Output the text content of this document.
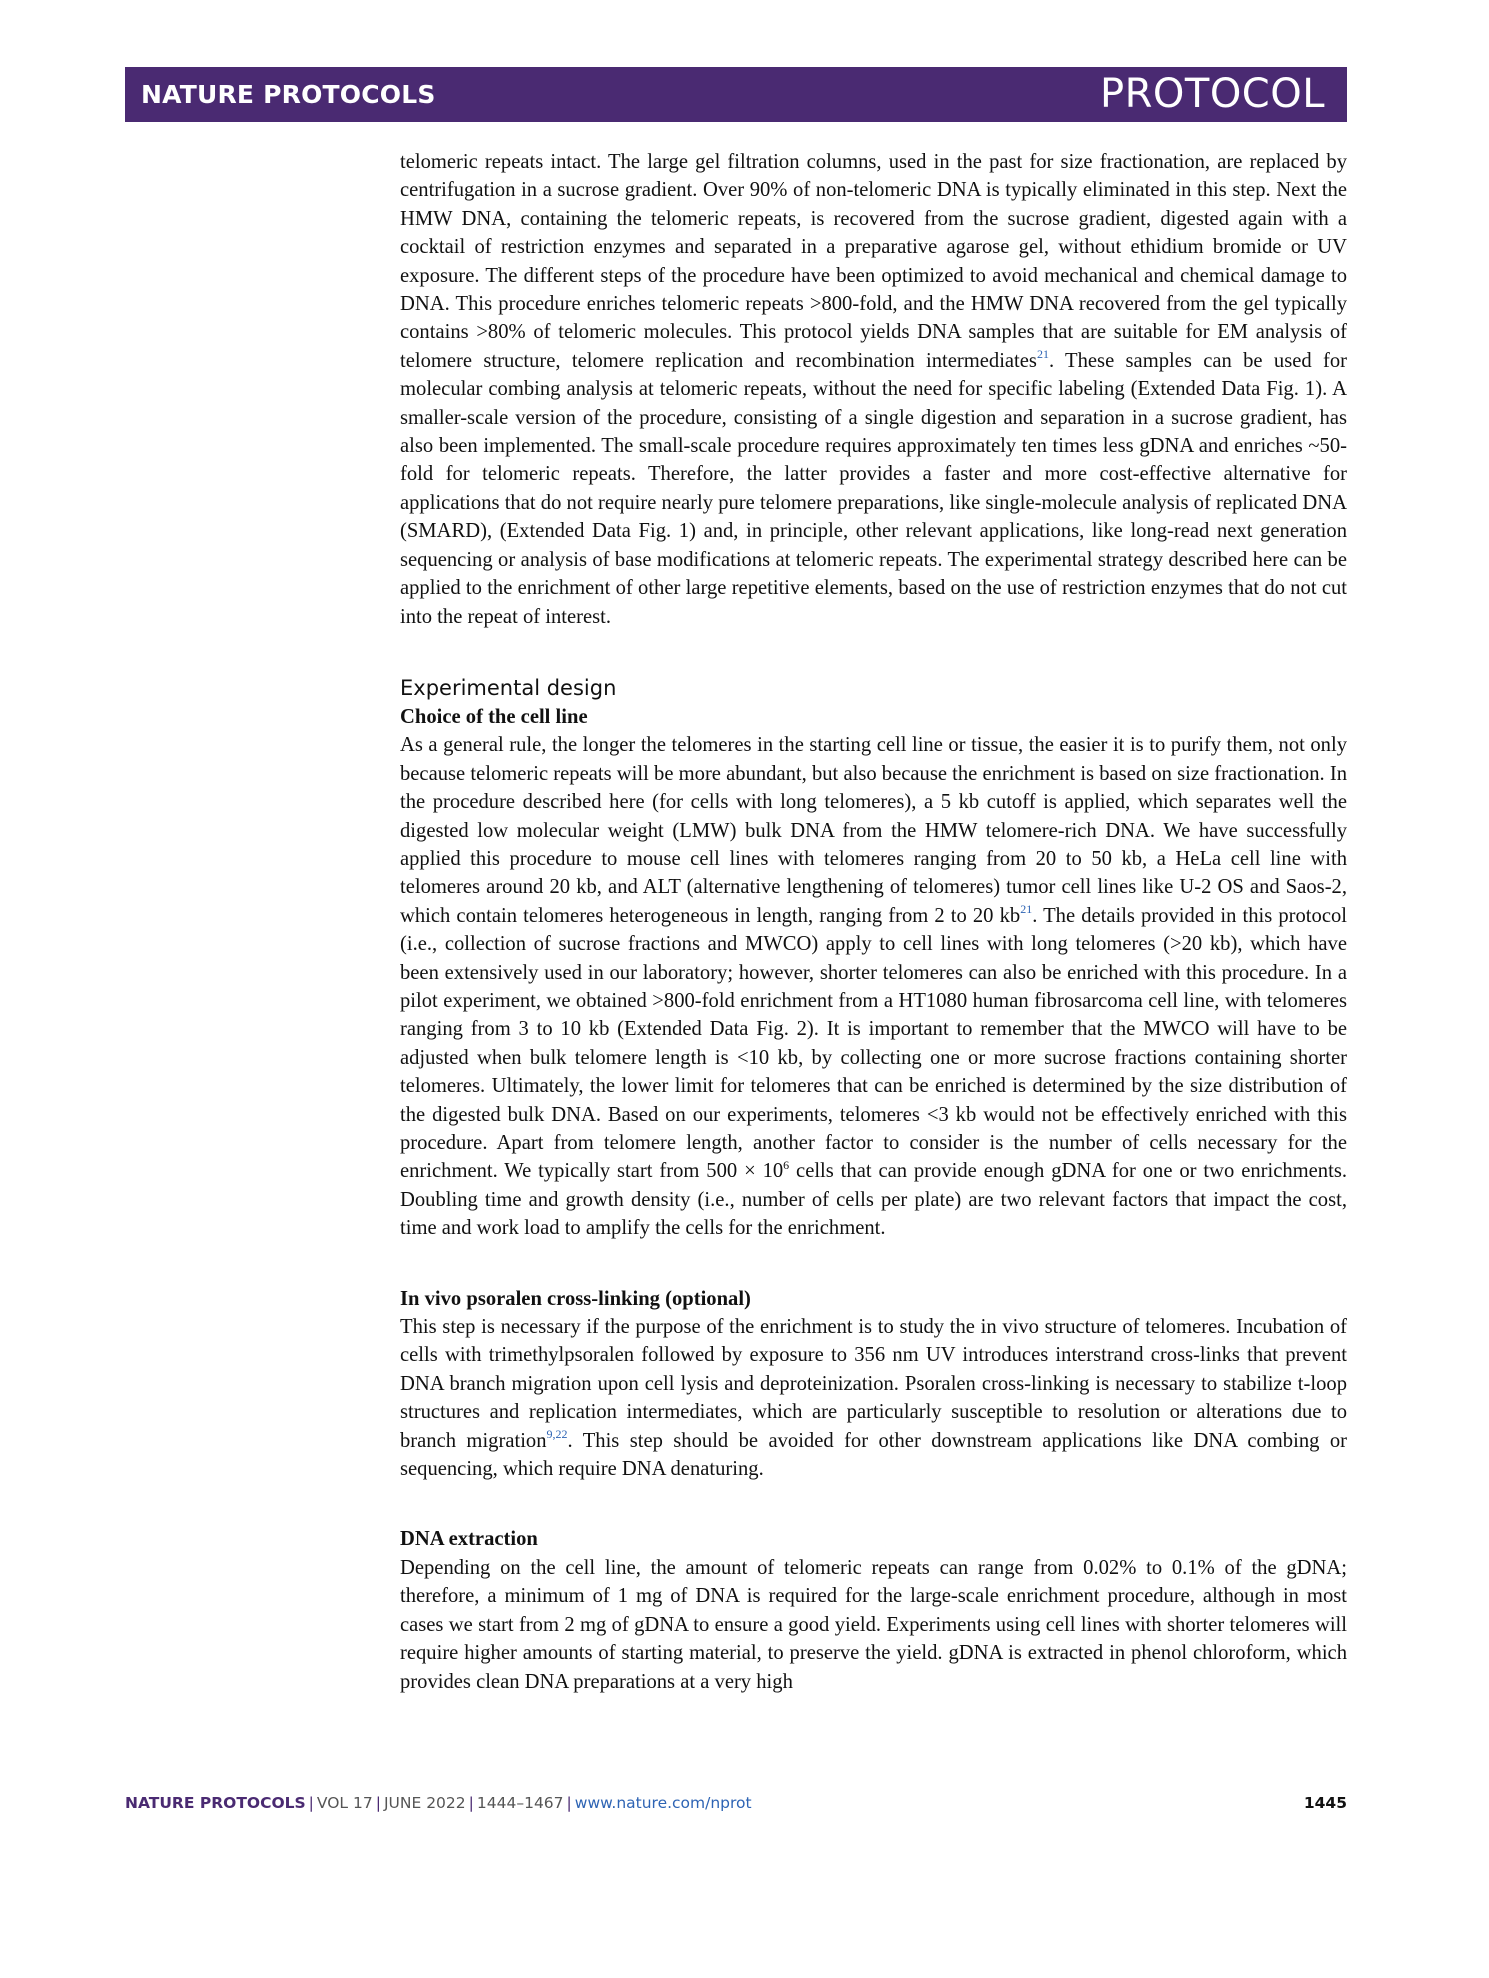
NATURE PROTOCOLS	PROTOCOL

telomeric repeats intact. The large gel filtration columns, used in the past for size fractionation, are replaced by centrifugation in a sucrose gradient. Over 90% of non-telomeric DNA is typically eliminated in this step. Next the HMW DNA, containing the telomeric repeats, is recovered from the sucrose gradient, digested again with a cocktail of restriction enzymes and separated in a preparative agarose gel, without ethidium bromide or UV exposure. The different steps of the procedure have been optimized to avoid mechanical and chemical damage to DNA. This procedure enriches telomeric repeats >800-fold, and the HMW DNA recovered from the gel typically contains >80% of telomeric molecules. This protocol yields DNA samples that are suitable for EM analysis of telomere structure, telomere replication and recombination intermediates$^{21}$. These samples can be used for molecular combing analysis at telomeric repeats, without the need for specific labeling (Extended Data Fig. 1). A smaller-scale version of the procedure, consisting of a single digestion and separation in a sucrose gradient, has also been implemented. The small-scale procedure requires approximately ten times less gDNA and enriches ~50-fold for telomeric repeats. Therefore, the latter provides a faster and more cost-effective alternative for applications that do not require nearly pure telomere preparations, like single-molecule analysis of replicated DNA (SMARD), (Extended Data Fig. 1) and, in principle, other relevant applications, like long-read next generation sequencing or analysis of base modifications at telomeric repeats. The experimental strategy described here can be applied to the enrichment of other large repetitive elements, based on the use of restriction enzymes that do not cut into the repeat of interest.

Experimental design
Choice of the cell line

As a general rule, the longer the telomeres in the starting cell line or tissue, the easier it is to purify them, not only because telomeric repeats will be more abundant, but also because the enrichment is based on size fractionation. In the procedure described here (for cells with long telomeres), a 5 kb cutoff is applied, which separates well the digested low molecular weight (LMW) bulk DNA from the HMW telomere-rich DNA. We have successfully applied this procedure to mouse cell lines with telomeres ranging from 20 to 50 kb, a HeLa cell line with telomeres around 20 kb, and ALT (alternative lengthening of telomeres) tumor cell lines like U-2 OS and Saos-2, which contain telomeres heterogeneous in length, ranging from 2 to 20 $kb^{21}$. The details provided in this protocol (i.e., collection of sucrose fractions and MWCO) apply to cell lines with long telomeres (>20 kb), which have been extensively used in our laboratory; however, shorter telomeres can also be enriched with this procedure. In a pilot experiment, we obtained >800-fold enrichment from a HT1080 human fibrosarcoma cell line, with telomeres ranging from 3 to 10 kb (Extended Data Fig. 2). It is important to remember that the MWCO will have to be adjusted when bulk telomere length is <10 kb, by collecting one or more sucrose fractions containing shorter telomeres. Ultimately, the lower limit for telomeres that can be enriched is determined by the size distribution of the digested bulk DNA. Based on our experiments, telomeres <3 kb would not be effectively enriched with this procedure. Apart from telomere length, another factor to consider is the number of cells necessary for the enrichment. We typically start from $500 \times 10^6$ cells that can provide enough gDNA for one or two enrichments. Doubling time and growth density (i.e., number of cells per plate) are two relevant factors that impact the cost, time and work load to amplify the cells for the enrichment.

In vivo psoralen cross-linking (optional)

This step is necessary if the purpose of the enrichment is to study the in vivo structure of telomeres. Incubation of cells with trimethylpsoralen followed by exposure to 356 nm UV introduces interstrand cross-links that prevent DNA branch migration upon cell lysis and deproteinization. Psoralen cross-linking is necessary to stabilize t-loop structures and replication intermediates, which are particularly susceptible to resolution or alterations due to branch migration$^{9,22}$. This step should be avoided for other downstream applications like DNA combing or sequencing, which require DNA denaturing.

DNA extraction

Depending on the cell line, the amount of telomeric repeats can range from 0.02% to 0.1% of the gDNA; therefore, a minimum of 1 mg of DNA is required for the large-scale enrichment procedure, although in most cases we start from 2 mg of gDNA to ensure a good yield. Experiments using cell lines with shorter telomeres will require higher amounts of starting material, to preserve the yield. gDNA is extracted in phenol chloroform, which provides clean DNA preparations at a very high

NATURE PROTOCOLS | VOL 17 | JUNE 2022 | 1444–1467 | www.nature.com/nprot	1445
